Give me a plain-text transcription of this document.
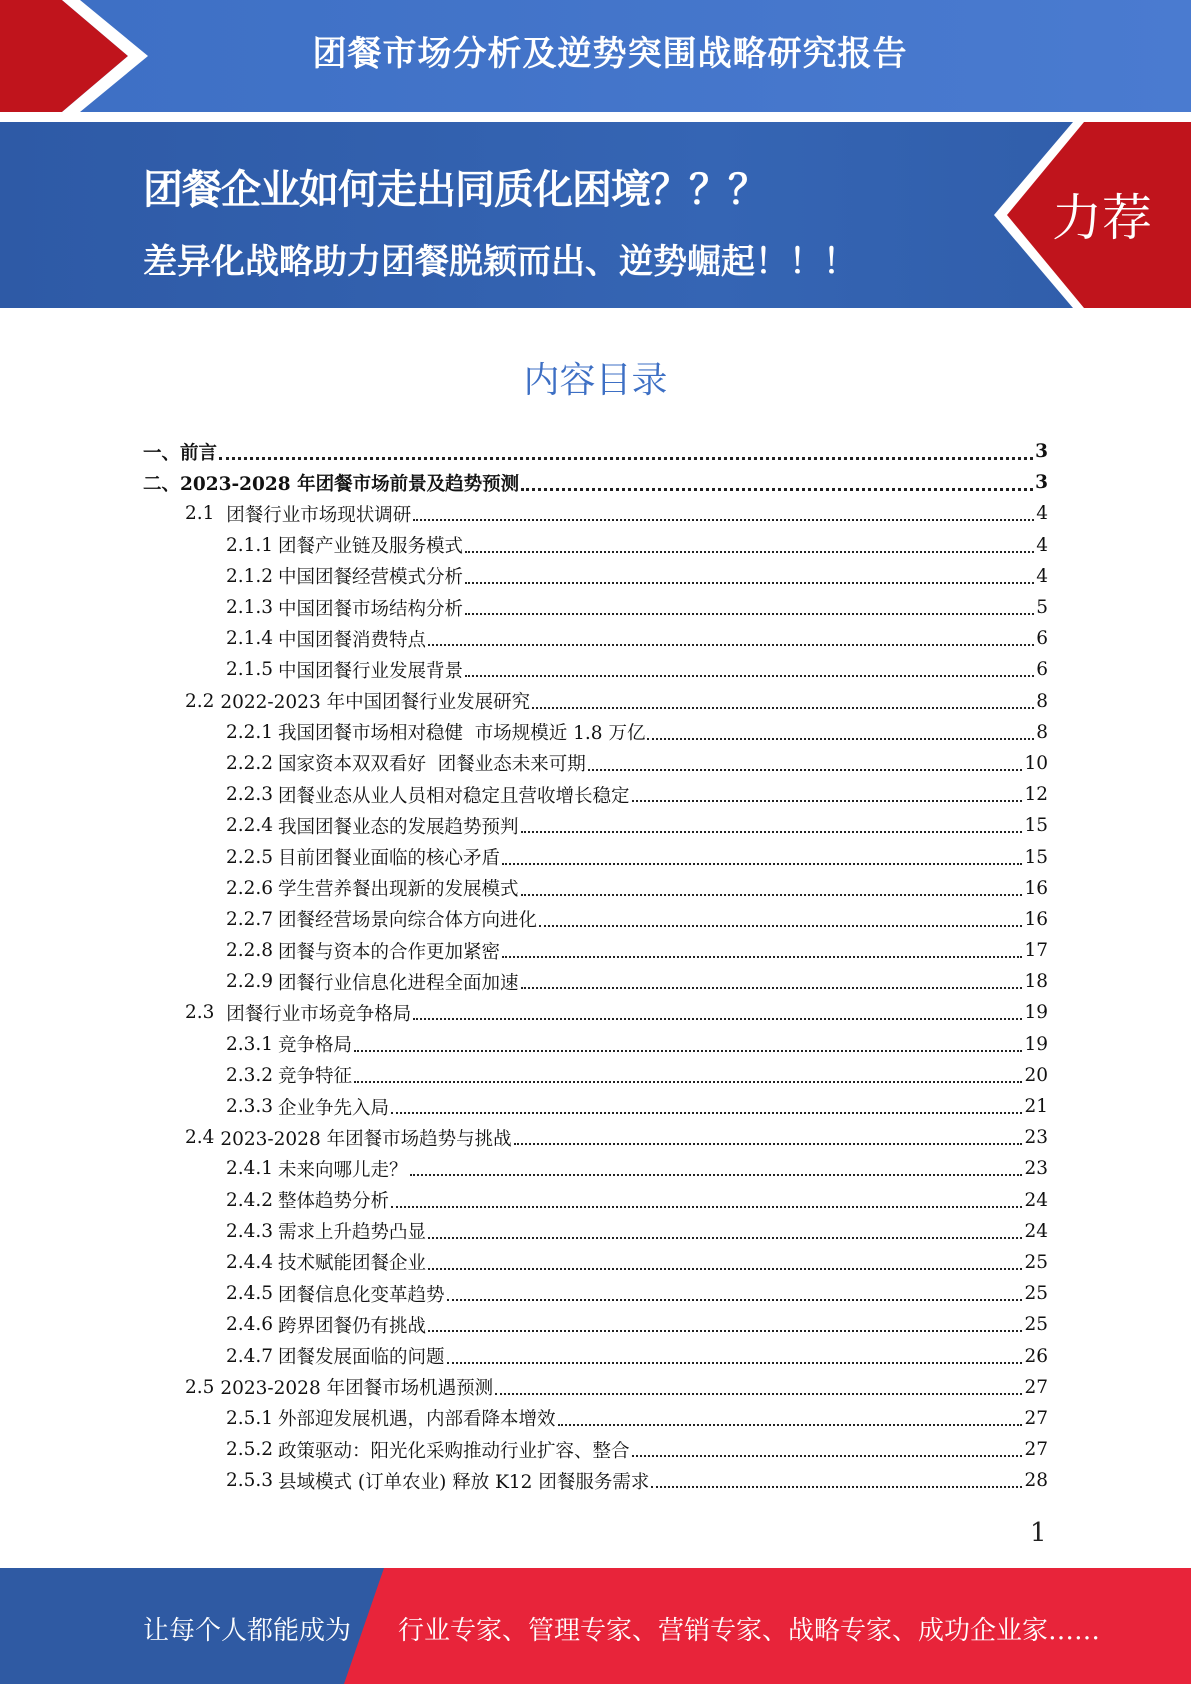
团餐市场分析及逆势突围战略研究报告
团餐企业如何走出同质化困境？？？
差异化战略助力团餐脱颖而出、逆势崛起！！！
力荐
内容目录
一、 前言	3
二、 2023-2028 年团餐市场前景及趋势预测	3
2.1 团餐行业市场现状调研	4
2.1.1 团餐产业链及服务模式	4
2.1.2 中国团餐经营模式分析	4
2.1.3 中国团餐市场结构分析	5
2.1.4 中国团餐消费特点	6
2.1.5 中国团餐行业发展背景	6
2.2 2022-2023 年中国团餐行业发展研究	8
2.2.1 我国团餐市场相对稳健  市场规模近 1.8 万亿	8
2.2.2 国家资本双双看好  团餐业态未来可期	10
2.2.3 团餐业态从业人员相对稳定且营收增长稳定	12
2.2.4 我国团餐业态的发展趋势预判	15
2.2.5 目前团餐业面临的核心矛盾	15
2.2.6 学生营养餐出现新的发展模式	16
2.2.7 团餐经营场景向综合体方向进化	16
2.2.8 团餐与资本的合作更加紧密	17
2.2.9 团餐行业信息化进程全面加速	18
2.3 团餐行业市场竞争格局	19
2.3.1 竞争格局	19
2.3.2 竞争特征	20
2.3.3 企业争先入局	21
2.4 2023-2028 年团餐市场趋势与挑战	23
2.4.1 未来向哪儿走？	23
2.4.2 整体趋势分析	24
2.4.3 需求上升趋势凸显	24
2.4.4 技术赋能团餐企业	25
2.4.5 团餐信息化变革趋势	25
2.4.6 跨界团餐仍有挑战	25
2.4.7 团餐发展面临的问题	26
2.5 2023-2028 年团餐市场机遇预测	27
2.5.1 外部迎发展机遇，内部看降本增效	27
2.5.2 政策驱动：阳光化采购推动行业扩容、整合	27
2.5.3 县域模式 (订单农业) 释放 K12 团餐服务需求	28
1
让每个人都能成为 行业专家、管理专家、营销专家、战略专家、成功企业家……
